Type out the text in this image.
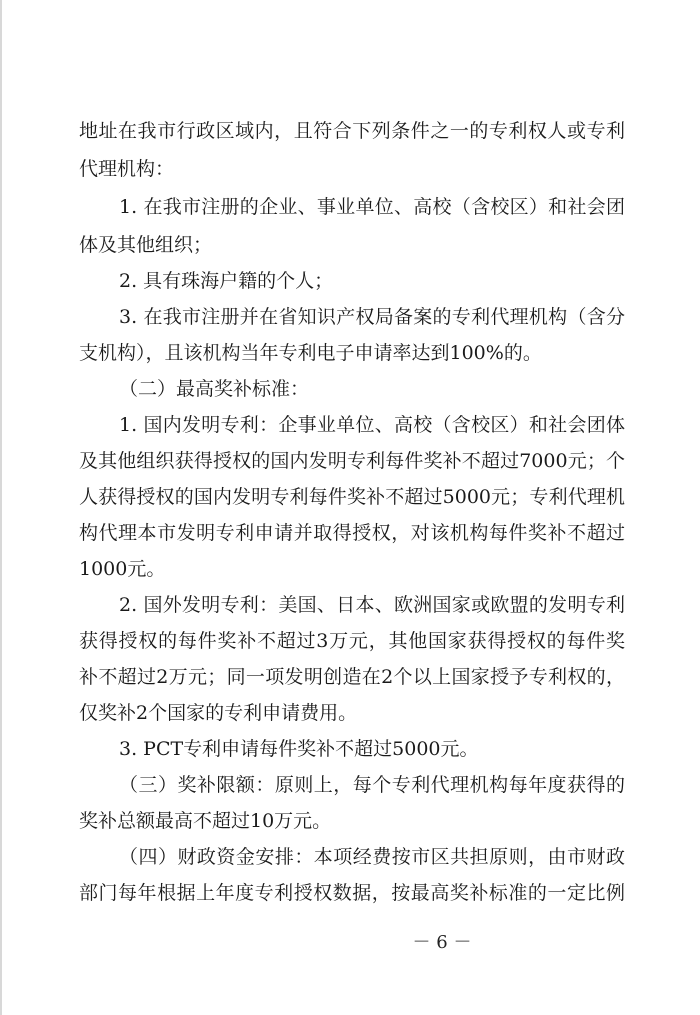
地址在我市行政区域内，且符合下列条件之一的专利权人或专利
代理机构：
1. 在我市注册的企业、事业单位、高校（含校区）和社会团
体及其他组织；
2. 具有珠海户籍的个人；
3. 在我市注册并在省知识产权局备案的专利代理机构（含分
支机构），且该机构当年专利电子申请率达到100%的。
（二）最高奖补标准：
1. 国内发明专利：企事业单位、高校（含校区）和社会团体
及其他组织获得授权的国内发明专利每件奖补不超过7000元；个
人获得授权的国内发明专利每件奖补不超过5000元；专利代理机
构代理本市发明专利申请并取得授权，对该机构每件奖补不超过
1000元。
2. 国外发明专利：美国、日本、欧洲国家或欧盟的发明专利
获得授权的每件奖补不超过3万元，其他国家获得授权的每件奖
补不超过2万元；同一项发明创造在2个以上国家授予专利权的，
仅奖补2个国家的专利申请费用。
3. PCT专利申请每件奖补不超过5000元。
（三）奖补限额：原则上，每个专利代理机构每年度获得的
奖补总额最高不超过10万元。
（四）财政资金安排：本项经费按市区共担原则，由市财政
部门每年根据上年度专利授权数据，按最高奖补标准的一定比例
－ 6 －
